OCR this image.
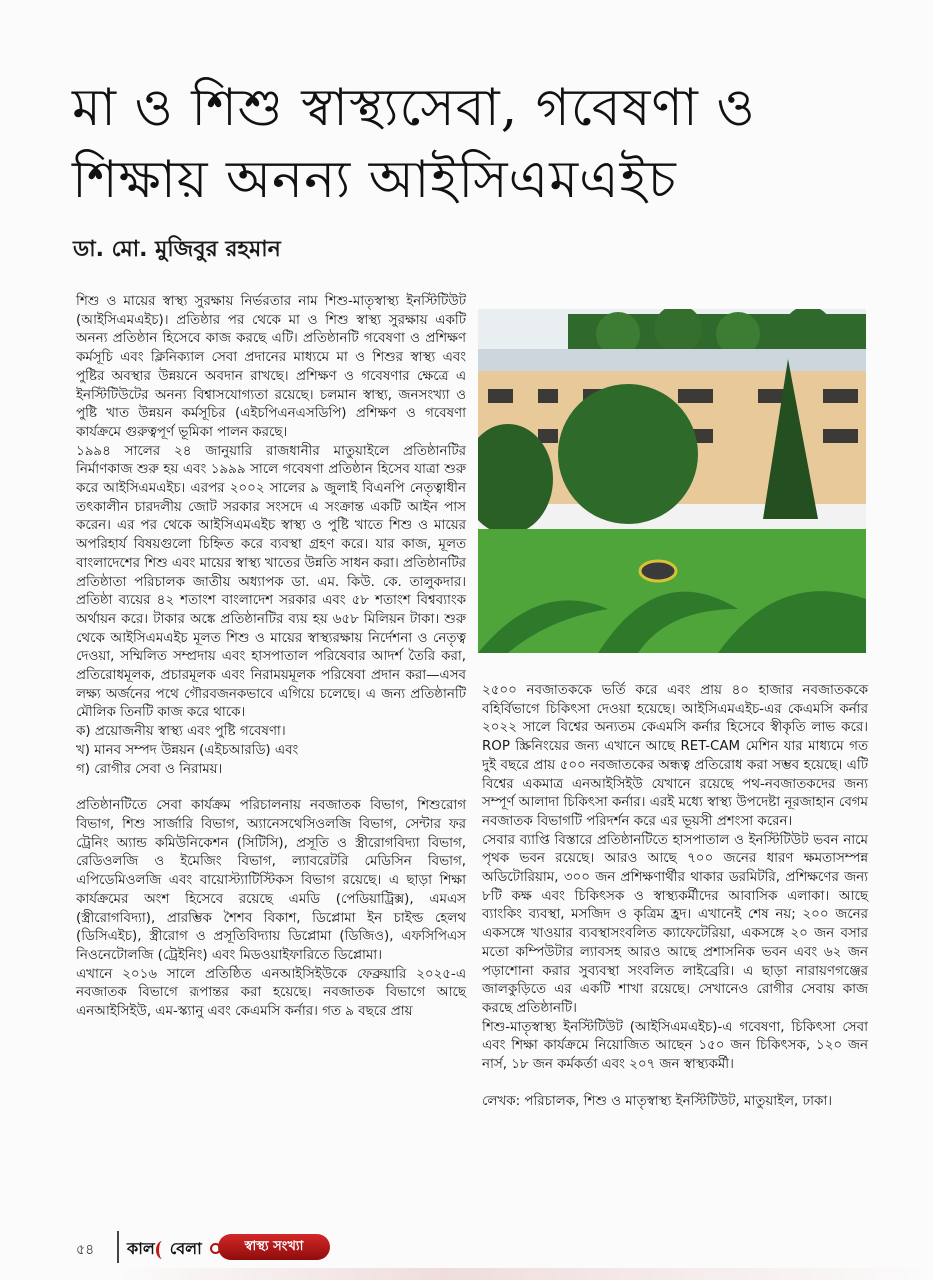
মা ও শিশু স্বাস্থ্যসেবা, গবেষণা ও
শিক্ষায় অনন্য আইসিএমএইচ
ডা. মো. মুজিবুর রহমান

শিশু ও মায়ের স্বাস্থ্য সুরক্ষায় নির্ভরতার নাম শিশু-মাতৃস্বাস্থ্য ইনস্টিটিউট (আইসিএমএইচ)। প্রতিষ্ঠার পর থেকে মা ও শিশু স্বাস্থ্য সুরক্ষায় একটি অনন্য প্রতিষ্ঠান হিসেবে কাজ করছে এটি। প্রতিষ্ঠানটি গবেষণা ও প্রশিক্ষণ কর্মসূচি এবং ক্লিনিক্যাল সেবা প্রদানের মাধ্যমে মা ও শিশুর স্বাস্থ্য এবং পুষ্টির অবস্থার উন্নয়নে অবদান রাখছে। প্রশিক্ষণ ও গবেষণার ক্ষেত্রে এ ইনস্টিটিউটের অনন্য বিশ্বাসযোগ্যতা রয়েছে। চলমান স্বাস্থ্য, জনসংখ্যা ও পুষ্টি খাত উন্নয়ন কর্মসূচির (এইচপিএনএসডিপি) প্রশিক্ষণ ও গবেষণা কার্যক্রমে গুরুত্বপূর্ণ ভূমিকা পালন করছে।

১৯৯৪ সালের ২৪ জানুয়ারি রাজধানীর মাতুয়াইলে প্রতিষ্ঠানটির নির্মাণকাজ শুরু হয় এবং ১৯৯৯ সালে গবেষণা প্রতিষ্ঠান হিসেব যাত্রা শুরু করে আইসিএমএইচ। এরপর ২০০২ সালের ৯ জুলাই বিএনপি নেতৃত্বাধীন তৎকালীন চারদলীয় জোট সরকার সংসদে এ সংক্রান্ত একটি আইন পাস করেন। এর পর থেকে আইসিএমএইচ স্বাস্থ্য ও পুষ্টি খাতে শিশু ও মায়ের অপরিহার্য বিষয়গুলো চিহ্নিত করে ব্যবস্থা গ্রহণ করে। যার কাজ, মূলত বাংলাদেশের শিশু এবং মায়ের স্বাস্থ্য খাতের উন্নতি সাধন করা। প্রতিষ্ঠানটির প্রতিষ্ঠাতা পরিচালক জাতীয় অধ্যাপক ডা. এম. কিউ. কে. তালুকদার। প্রতিষ্ঠা ব্যয়ের ৪২ শতাংশ বাংলাদেশ সরকার এবং ৫৮ শতাংশ বিশ্বব্যাংক অর্থায়ন করে। টাকার অঙ্কে প্রতিষ্ঠানটির ব্যয় হয় ৬৫৮ মিলিয়ন টাকা। শুরু থেকে আইসিএমএইচ মূলত শিশু ও মায়ের স্বাস্থ্যরক্ষায় নির্দেশনা ও নেতৃত্ব দেওয়া, সম্মিলিত সম্প্রদায় এবং হাসপাতাল পরিষেবার আদর্শ তৈরি করা, প্রতিরোধমূলক, প্রচারমূলক এবং নিরাময়মূলক পরিষেবা প্রদান করা—এসব লক্ষ্য অর্জনের পথে গৌরবজনকভাবে এগিয়ে চলেছে। এ জন্য প্রতিষ্ঠানটি মৌলিক তিনটি কাজ করে থাকে।

ক) প্রয়োজনীয় স্বাস্থ্য এবং পুষ্টি গবেষণা।

খ) মানব সম্পদ উন্নয়ন (এইচআরডি) এবং

গ) রোগীর সেবা ও নিরাময়।

প্রতিষ্ঠানটিতে সেবা কার্যক্রম পরিচালনায় নবজাতক বিভাগ, শিশুরোগ বিভাগ, শিশু সার্জারি বিভাগ, অ্যানেসথেসিওলজি বিভাগ, সেন্টার ফর ট্রেনিং অ্যান্ড কমিউনিকেশন (সিটিসি), প্রসূতি ও স্ত্রীরোগবিদ্যা বিভাগ, রেডিওলজি ও ইমেজিং বিভাগ, ল্যাবরেটরি মেডিসিন বিভাগ, এপিডেমিওলজি এবং বায়োস্ট্যাটিস্টিকস বিভাগ রয়েছে। এ ছাড়া শিক্ষা কার্যক্রমের অংশ হিসেবে রয়েছে এমডি (পেডিয়াট্রিক্স), এমএস (স্ত্রীরোগবিদ্যা), প্রারম্ভিক শৈশব বিকাশ, ডিপ্লোমা ইন চাইল্ড হেলথ (ডিসিএইচ), স্ত্রীরোগ ও প্রসূতিবিদ্যায় ডিপ্লোমা (ডিজিও), এফসিপিএস নিওনেটোলজি (ট্রেইনিং) এবং মিডওয়াইফারিতে ডিপ্লোমা।

এখানে ২০১৬ সালে প্রতিষ্ঠিত এনআইসিইউকে ফেব্রুয়ারি ২০২৫-এ নবজাতক বিভাগে রূপান্তর করা হয়েছে। নবজাতক বিভাগে আছে এনআইসিইউ, এম-স্ক্যানু এবং কেএমসি কর্নার। গত ৯ বছরে প্রায়

২৫০০ নবজাতককে ভর্তি করে এবং প্রায় ৪০ হাজার নবজাতককে বহির্বিভাগে চিকিৎসা দেওয়া হয়েছে। আইসিএমএইচ-এর কেএমসি কর্নার ২০২২ সালে বিশ্বের অন্যতম কেএমসি কর্নার হিসেবে স্বীকৃতি লাভ করে। ROP স্ক্রিনিংয়ের জন্য এখানে আছে RET-CAM মেশিন যার মাধ্যমে গত দুই বছরে প্রায় ৫০০ নবজাতকের অন্ধত্ব প্রতিরোধ করা সম্ভব হয়েছে। এটি বিশ্বের একমাত্র এনআইসিইউ যেখানে রয়েছে পথ-নবজাতকদের জন্য সম্পূর্ণ আলাদা চিকিৎসা কর্নার। এরই মধ্যে স্বাস্থ্য উপদেষ্টা নূরজাহান বেগম নবজাতক বিভাগটি পরিদর্শন করে এর ভূয়সী প্রশংসা করেন।

সেবার ব্যাপ্তি বিস্তারে প্রতিষ্ঠানটিতে হাসপাতাল ও ইনস্টিটিউট ভবন নামে পৃথক ভবন রয়েছে। আরও আছে ৭০০ জনের ধারণ ক্ষমতাসম্পন্ন অডিটোরিয়াম, ৩০০ জন প্রশিক্ষণার্থীর থাকার ডরমিটরি, প্রশিক্ষণের জন্য ৮টি কক্ষ এবং চিকিৎসক ও স্বাস্থ্যকর্মীদের আবাসিক এলাকা। আছে ব্যাংকিং ব্যবস্থা, মসজিদ ও কৃত্রিম হ্রদ। এখানেই শেষ নয়; ২০০ জনের একসঙ্গে খাওয়ার ব্যবস্থাসংবলিত ক্যাফেটেরিয়া, একসঙ্গে ২০ জন বসার মতো কম্পিউটার ল্যাবসহ আরও আছে প্রশাসনিক ভবন এবং ৬২ জন পড়াশোনা করার সুব্যবস্থা সংবলিত লাইব্রেরি। এ ছাড়া নারায়ণগঞ্জের জালকুড়িতে এর একটি শাখা রয়েছে। সেখানেও রোগীর সেবায় কাজ করছে প্রতিষ্ঠানটি।

শিশু-মাতৃস্বাস্থ্য ইনস্টিটিউট (আইসিএমএইচ)-এ গবেষণা, চিকিৎসা সেবা এবং শিক্ষা কার্যক্রমে নিয়োজিত আছেন ১৫০ জন চিকিৎসক, ১২০ জন নার্স, ১৮ জন কর্মকর্তা এবং ২০৭ জন স্বাস্থ্যকর্মী।

লেখক: পরিচালক, শিশু ও মাতৃস্বাস্থ্য ইনস্টিটিউট, মাতুয়াইল, ঢাকা।

৫৪ কাল বেলা	স্বাস্থ্য সংখ্যা
